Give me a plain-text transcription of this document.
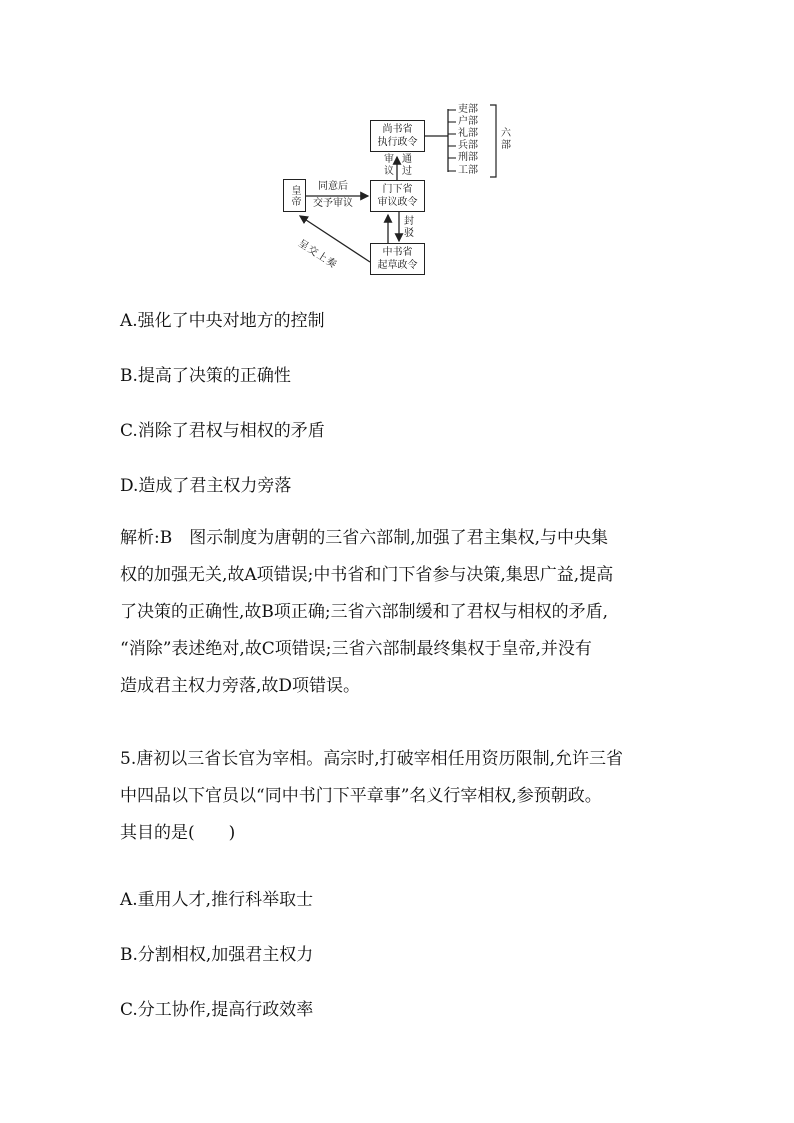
皇帝
尚书省
执行政令
门下省
审议政令
中书省
起草政令
同意后
交予审议
审议
通过
封驳
呈交上奏
吏部
户部
礼部
兵部
刑部
工部
六部
A.强化了中央对地方的控制
B.提高了决策的正确性
C.消除了君权与相权的矛盾
D.造成了君主权力旁落
解析:B　图示制度为唐朝的三省六部制,加强了君主集权,与中央集
权的加强无关,故A项错误;中书省和门下省参与决策,集思广益,提高
了决策的正确性,故B项正确;三省六部制缓和了君权与相权的矛盾,
“消除”表述绝对,故C项错误;三省六部制最终集权于皇帝,并没有
造成君主权力旁落,故D项错误。
5.唐初以三省长官为宰相。高宗时,打破宰相任用资历限制,允许三省
中四品以下官员以“同中书门下平章事”名义行宰相权,参预朝政。
其目的是(　　)
A.重用人才,推行科举取士
B.分割相权,加强君主权力
C.分工协作,提高行政效率
